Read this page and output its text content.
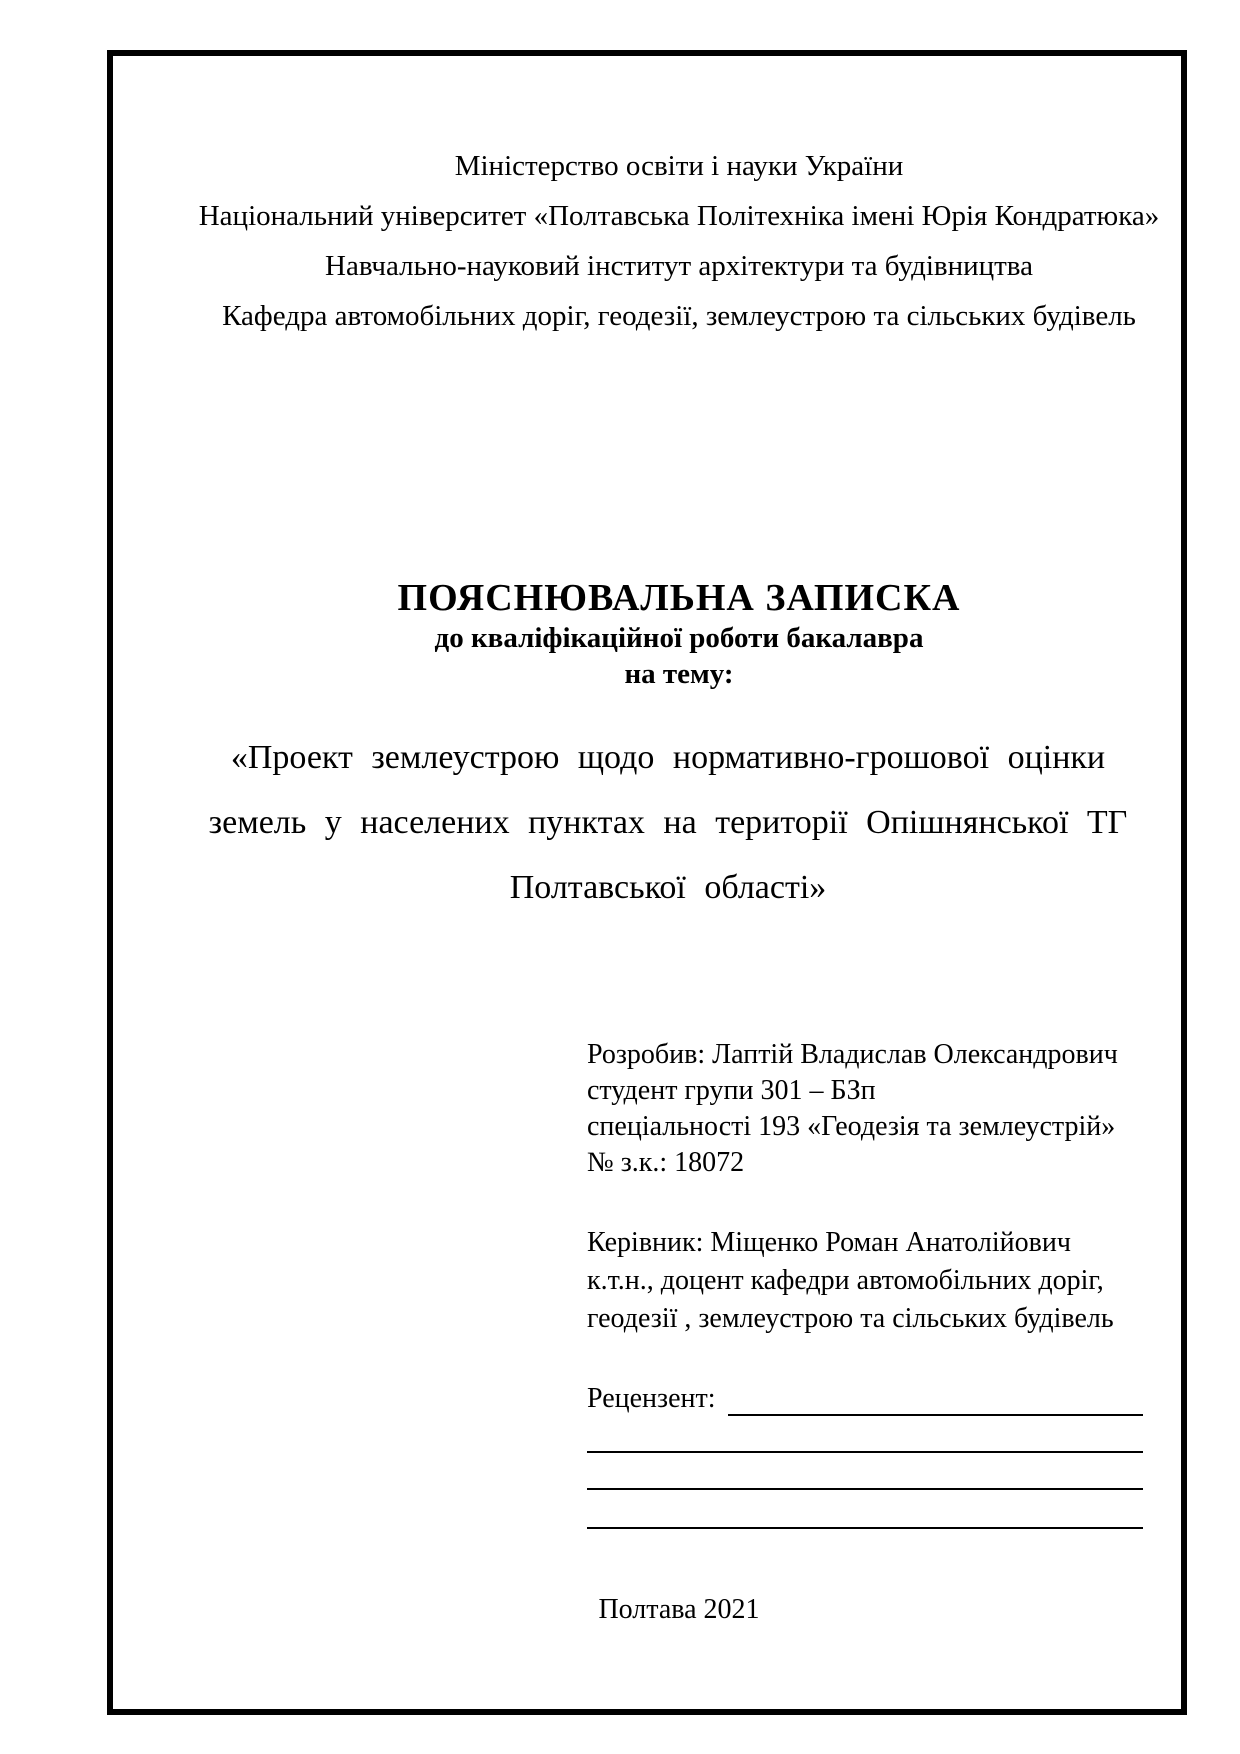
Міністерство освіти і науки України
Національний університет «Полтавська Політехніка імені Юрія Кондратюка»
Навчально-науковий інститут архітектури та будівництва
Кафедра автомобільних доріг, геодезії, землеустрою та сільських будівель
ПОЯСНЮВАЛЬНА ЗАПИСКА
до кваліфікаційної роботи бакалавра
на тему:
«Проект землеустрою щодо нормативно-грошової оцінки
земель у населених пунктах на території Опішнянської ТГ
Полтавської області»
Розробив: Лаптій Владислав Олександрович
студент групи 301 – БЗп
спеціальності 193 «Геодезія та землеустрій»
№ з.к.: 18072
Керівник: Міщенко Роман Анатолійович
к.т.н., доцент кафедри автомобільних доріг,
геодезії , землеустрою та сільських будівель
Рецензент:
Полтава 2021
